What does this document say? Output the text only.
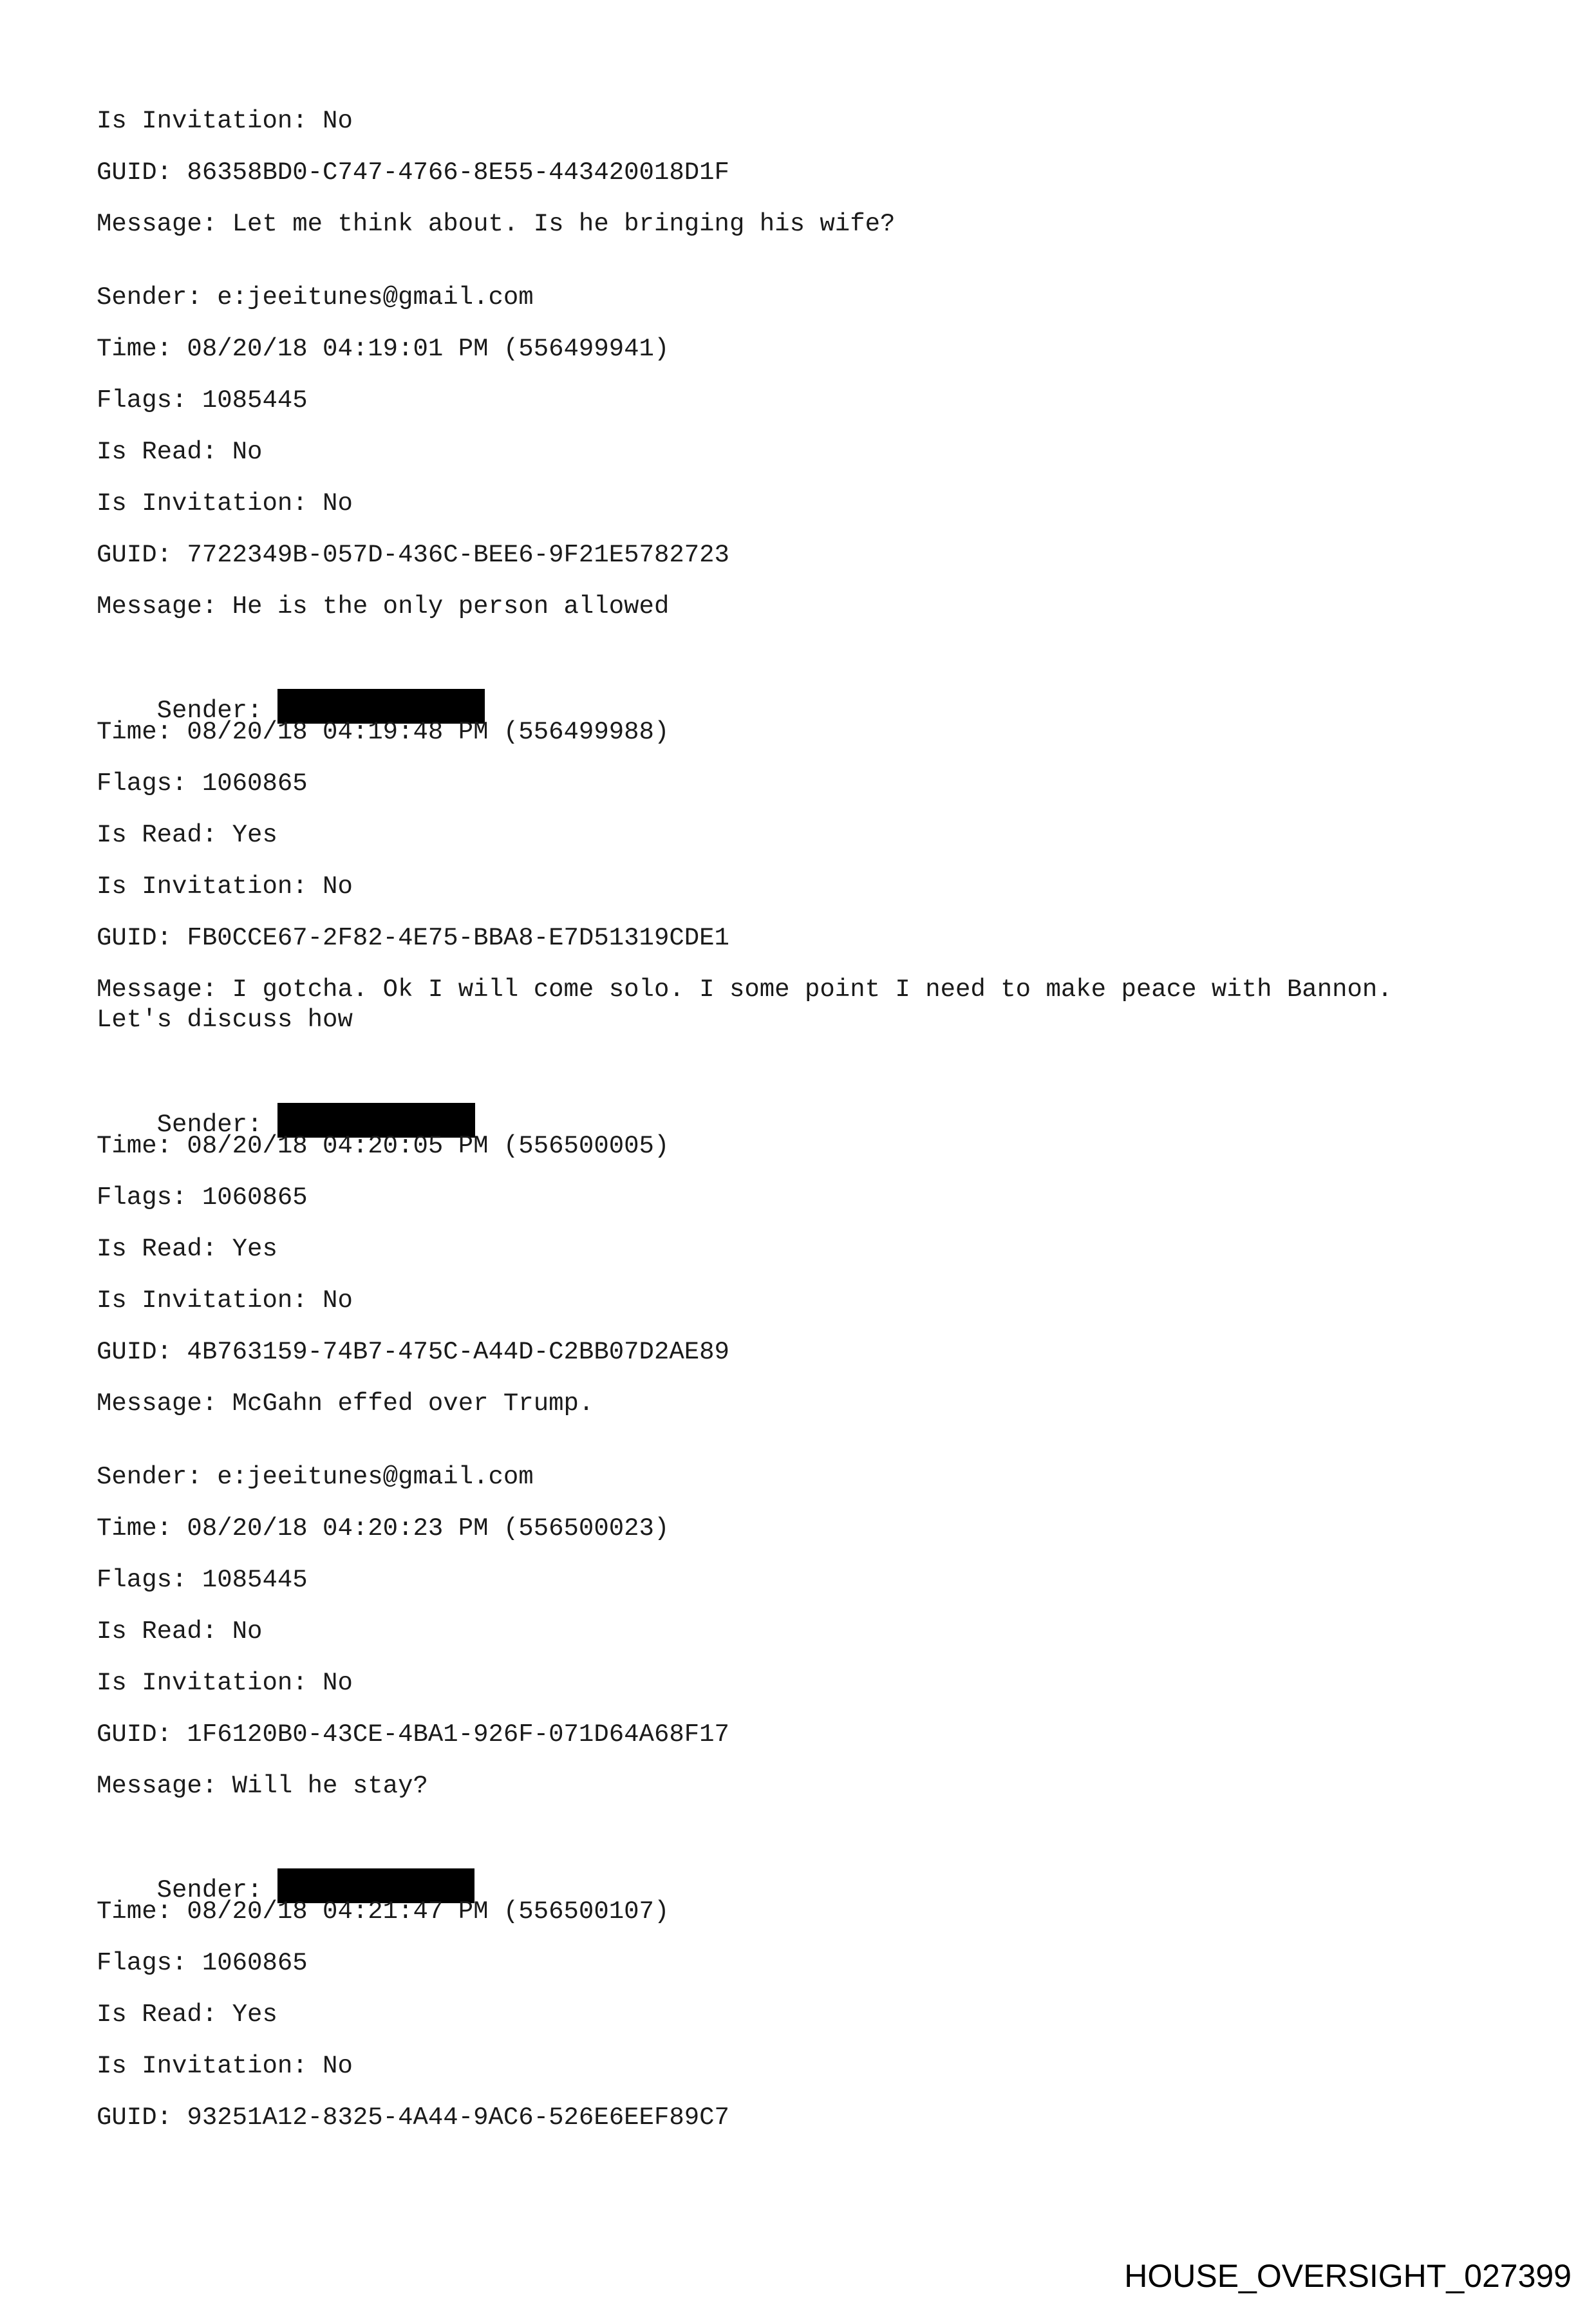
Is Invitation: No
GUID: 86358BD0-C747-4766-8E55-443420018D1F
Message: Let me think about. Is he bringing his wife?
Sender: e:jeeitunes@gmail.com
Time: 08/20/18 04:19:01 PM (556499941)
Flags: 1085445
Is Read: No
Is Invitation: No
GUID: 7722349B-057D-436C-BEE6-9F21E5782723
Message: He is the only person allowed

Sender:

Time: 08/20/18 04:19:48 PM (556499988)
Flags: 1060865
Is Read: Yes
Is Invitation: No
GUID: FB0CCE67-2F82-4E75-BBA8-E7D51319CDE1
Message: I gotcha. Ok I will come solo. I some point I need to make peace with Bannon.
Let's discuss how

Sender:

Time: 08/20/18 04:20:05 PM (556500005)
Flags: 1060865
Is Read: Yes
Is Invitation: No
GUID: 4B763159-74B7-475C-A44D-C2BB07D2AE89
Message: McGahn effed over Trump.
Sender: e:jeeitunes@gmail.com
Time: 08/20/18 04:20:23 PM (556500023)
Flags: 1085445
Is Read: No
Is Invitation: No
GUID: 1F6120B0-43CE-4BA1-926F-071D64A68F17
Message: Will he stay?

Sender:

Time: 08/20/18 04:21:47 PM (556500107)
Flags: 1060865
Is Read: Yes
Is Invitation: No
GUID: 93251A12-8325-4A44-9AC6-526E6EEF89C7
HOUSE_OVERSIGHT_027399
